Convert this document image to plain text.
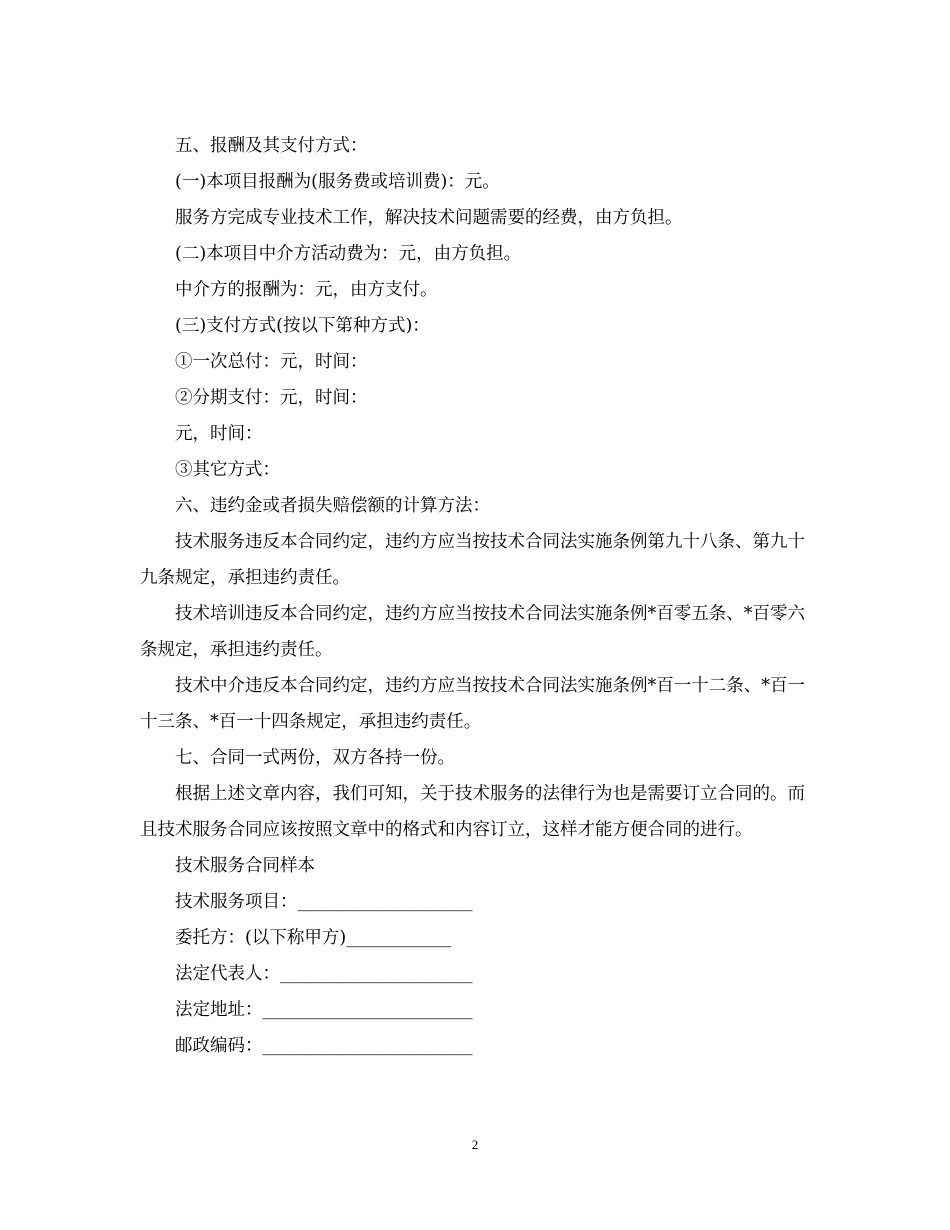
五、报酬及其支付方式：

(一)本项目报酬为(服务费或培训费)：元。

服务方完成专业技术工作，解决技术问题需要的经费，由方负担。

(二)本项目中介方活动费为：元，由方负担。

中介方的报酬为：元，由方支付。

(三)支付方式(按以下第种方式)：

①一次总付：元，时间：

②分期支付：元，时间：

元，时间：

③其它方式：

六、违约金或者损失赔偿额的计算方法：

技术服务违反本合同约定，违约方应当按技术合同法实施条例第九十八条、第九十九条规定，承担违约责任。

技术培训违反本合同约定，违约方应当按技术合同法实施条例*百零五条、*百零六条规定，承担违约责任。

技术中介违反本合同约定，违约方应当按技术合同法实施条例*百一十二条、*百一十三条、*百一十四条规定，承担违约责任。

七、合同一式两份，双方各持一份。

根据上述文章内容，我们可知，关于技术服务的法律行为也是需要订立合同的。而且技术服务合同应该按照文章中的格式和内容订立，这样才能方便合同的进行。

技术服务合同样本

技术服务项目：____________________

委托方：(以下称甲方)____________

法定代表人：______________________

法定地址：________________________

邮政编码：________________________

2
